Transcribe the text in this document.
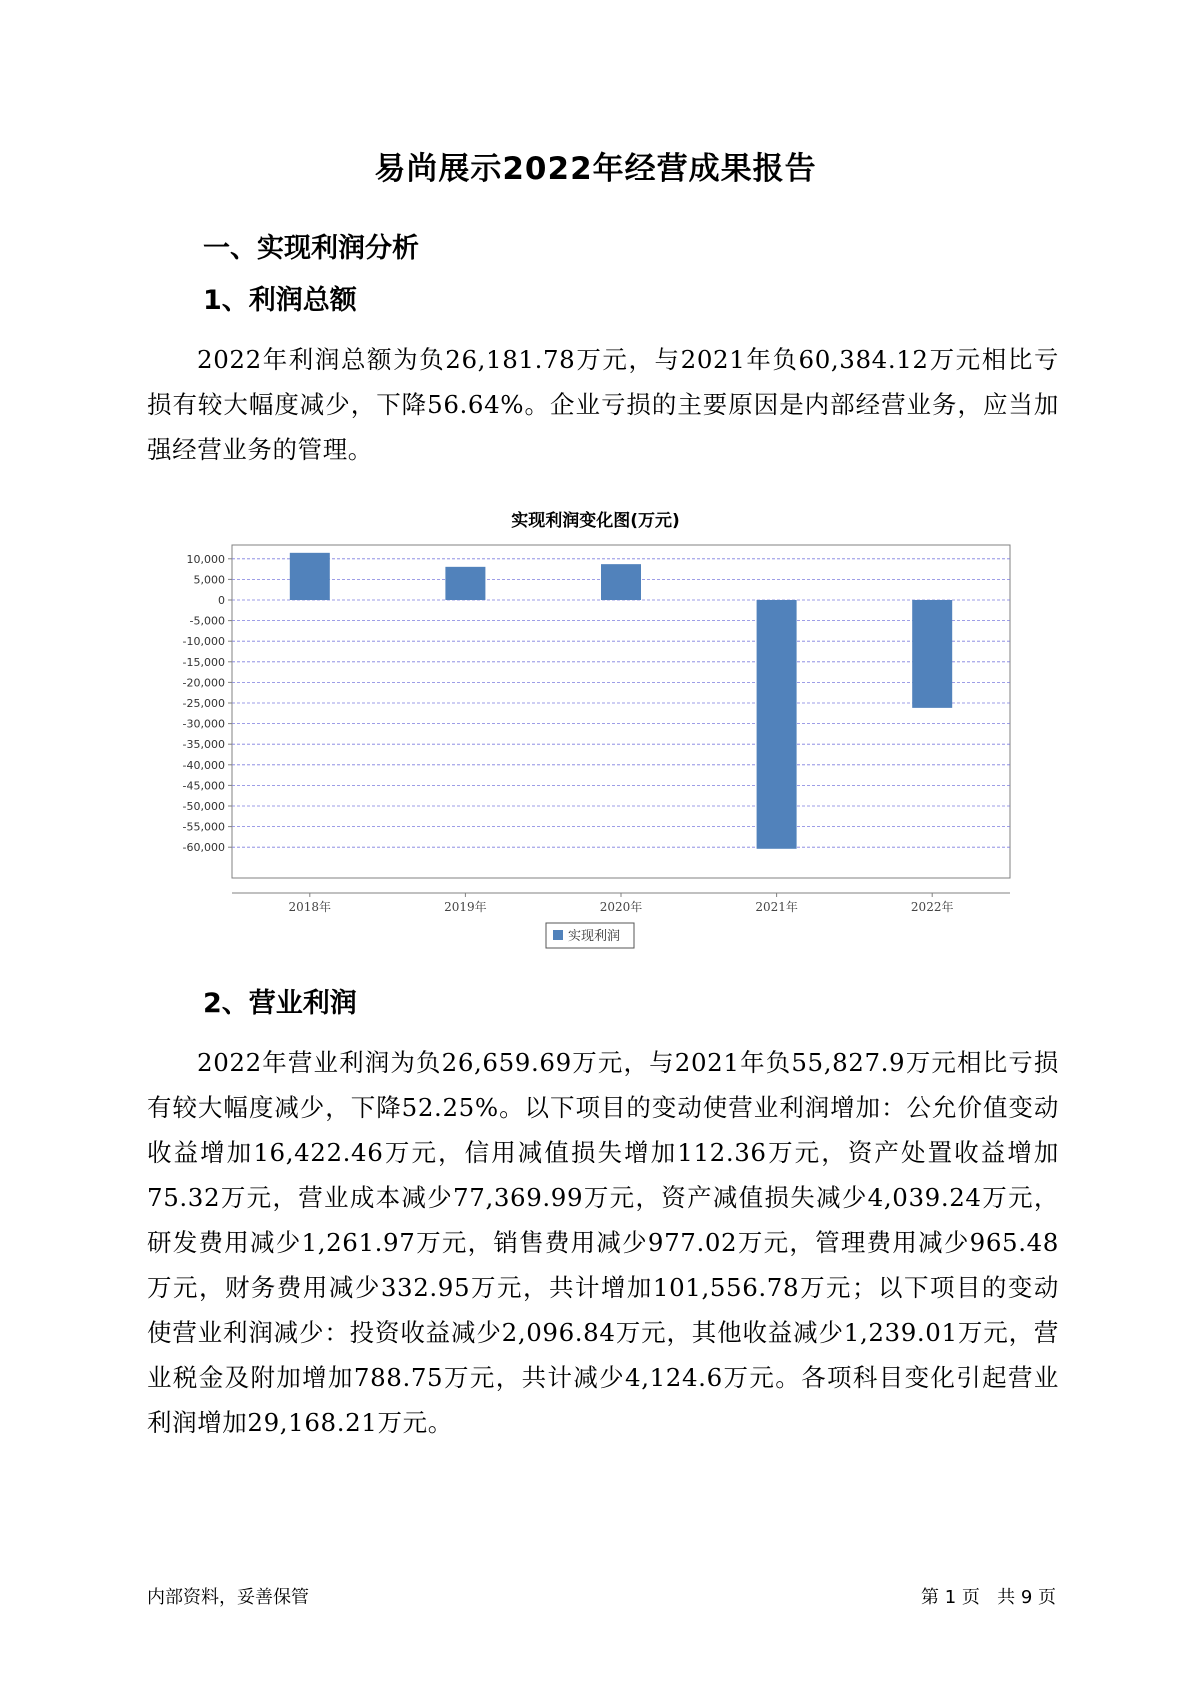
易尚展示2022年经营成果报告
一、实现利润分析
1、利润总额
2022年利润总额为负26,181.78万元，与2021年负60,384.12万元相比亏损有较大幅度减少，下降56.64%。企业亏损的主要原因是内部经营业务，应当加强经营业务的管理。
实现利润变化图(万元)
10,000
5,000
0
-5,000
-10,000
-15,000
-20,000
-25,000
-30,000
-35,000
-40,000
-45,000
-50,000
-55,000
-60,000
2018年	2019年	2020年	2021年	2022年
实现利润
2、营业利润
2022年营业利润为负26,659.69万元，与2021年负55,827.9万元相比亏损有较大幅度减少，下降52.25%。以下项目的变动使营业利润增加：公允价值变动收益增加16,422.46万元，信用减值损失增加112.36万元，资产处置收益增加75.32万元，营业成本减少77,369.99万元，资产减值损失减少4,039.24万元，研发费用减少1,261.97万元，销售费用减少977.02万元，管理费用减少965.48万元，财务费用减少332.95万元，共计增加101,556.78万元；以下项目的变动使营业利润减少：投资收益减少2,096.84万元，其他收益减少1,239.01万元，营业税金及附加增加788.75万元，共计减少4,124.6万元。各项科目变化引起营业利润增加29,168.21万元。
内部资料，妥善保管	第 1 页   共 9 页
